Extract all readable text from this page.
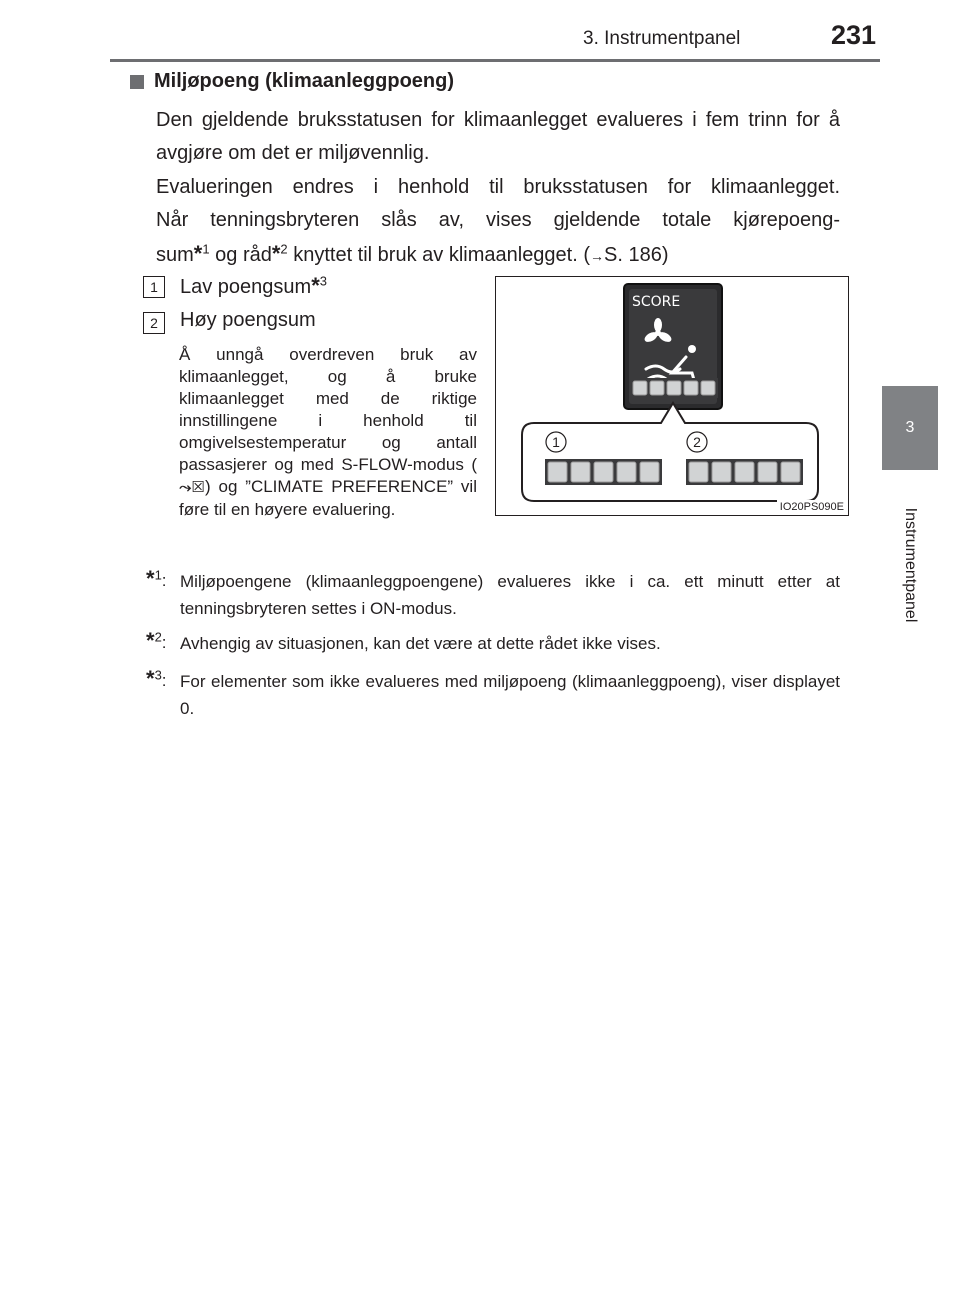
3. Instrumentpanel	231
3
Instrumentpanel
Miljøpoeng (klimaanleggpoeng)

Den gjeldende bruksstatusen for klimaanlegget evalueres i fem trinn for å avgjøre om det er miljøvennlig.

Evalueringen endres i henhold til bruksstatusen for klimaanlegget.
Når tenningsbryteren slås av, vises gjeldende totale kjørepoeng-
sum*$^1$ og råd*$^2$ knyttet til bruk av klimaanlegget. (→S. 186)
1	Lav poengsum*$^3$
2	Høy poengsum

Å unngå overdreven bruk av klimaanlegget, og å bruke klimaanlegget med de riktige innstillingene i henhold til omgivelsestemperatur og antall passasjerer og med S-FLOW-modus (⤳☒) og ”CLIMATE PREFERENCE” vil føre til en høyere evaluering.

SCORE
1	2
IO20PS090E
*$^1$: Miljøpoengene (klimaanleggpoengene) evalueres ikke i ca. ett minutt etter at tenningsbryteren settes i ON-modus.

*$^2$: Avhengig av situasjonen, kan det være at dette rådet ikke vises.

*$^3$: For elementer som ikke evalueres med miljøpoeng (klimaanleggpoeng), viser displayet 0.
